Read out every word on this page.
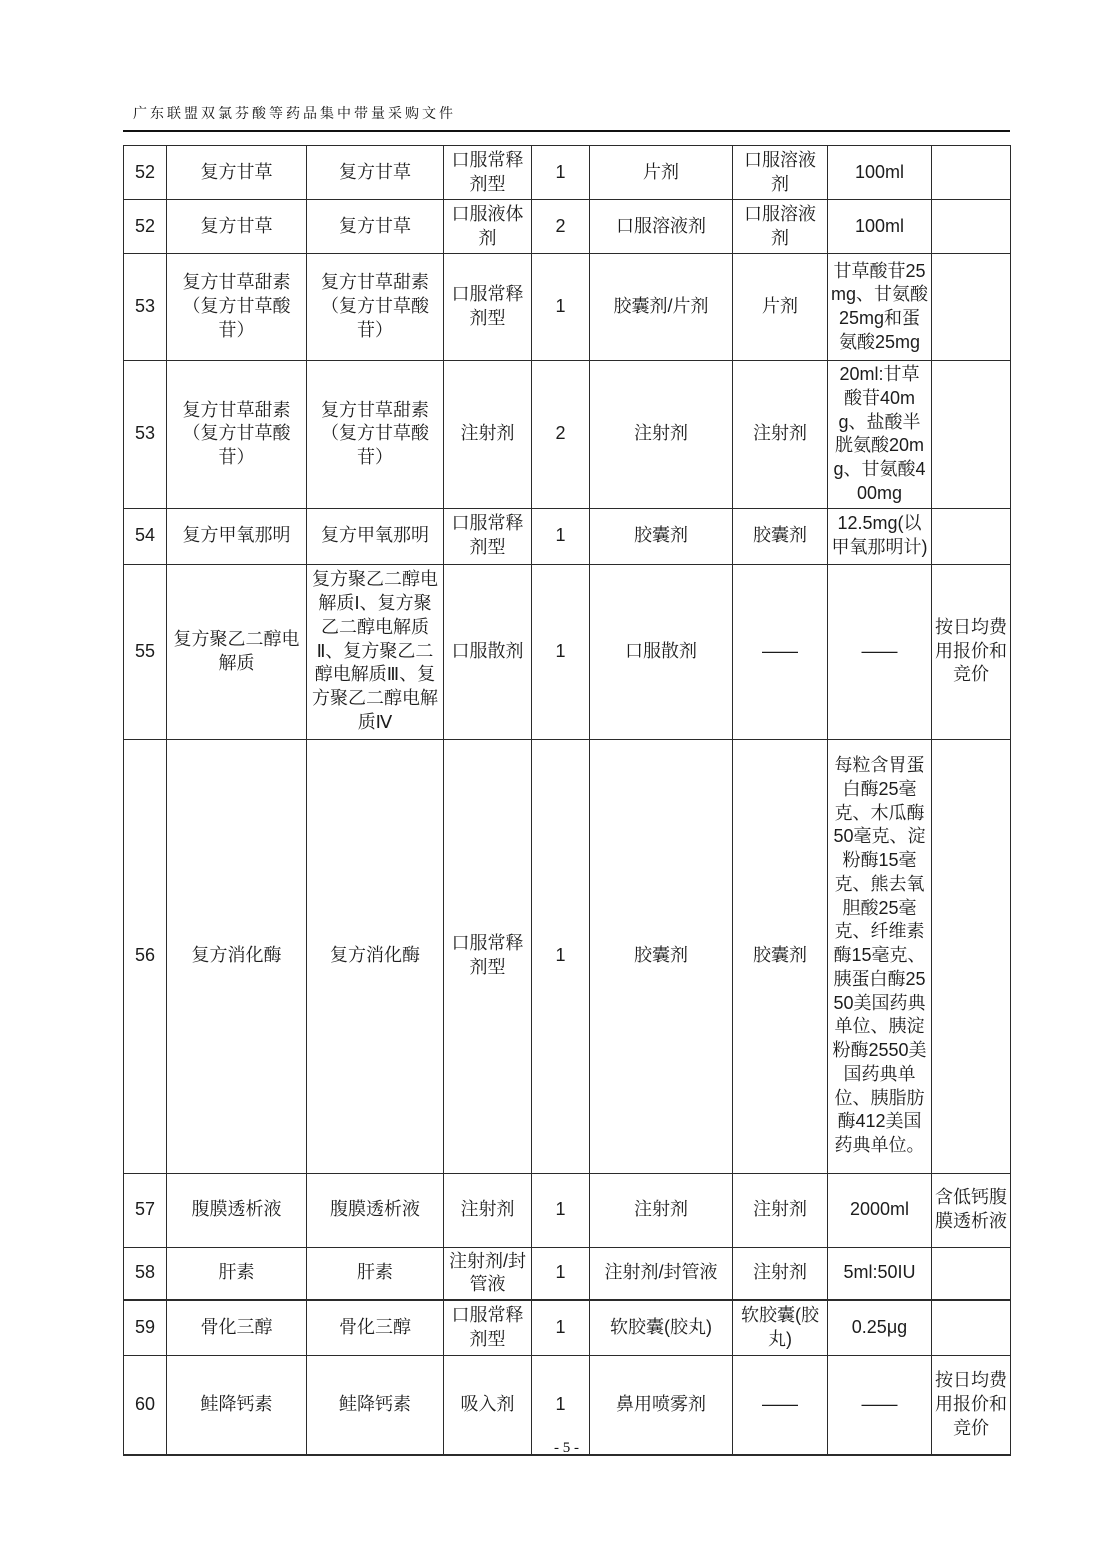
广东联盟双氯芬酸等药品集中带量采购文件
52	复方甘草	复方甘草	口服常释剂型	1	片剂	口服溶液剂	100ml	
52	复方甘草	复方甘草	口服液体剂	2	口服溶液剂	口服溶液剂	100ml	
53	复方甘草甜素（复方甘草酸苷）	复方甘草甜素（复方甘草酸苷）	口服常释剂型	1	胶囊剂/片剂	片剂	甘草酸苷25mg、甘氨酸25mg和蛋氨酸25mg	
53	复方甘草甜素（复方甘草酸苷）	复方甘草甜素（复方甘草酸苷）	注射剂	2	注射剂	注射剂	20ml:甘草酸苷40mg、盐酸半胱氨酸20mg、甘氨酸400mg	
54	复方甲氧那明	复方甲氧那明	口服常释剂型	1	胶囊剂	胶囊剂	12.5mg(以甲氧那明计)	
55	复方聚乙二醇电解质	复方聚乙二醇电解质Ⅰ、复方聚乙二醇电解质Ⅱ、复方聚乙二醇电解质Ⅲ、复方聚乙二醇电解质Ⅳ	口服散剂	1	口服散剂	——	——	按日均费用报价和竞价
56	复方消化酶	复方消化酶	口服常释剂型	1	胶囊剂	胶囊剂	每粒含胃蛋白酶25毫克、木瓜酶50毫克、淀粉酶15毫克、熊去氧胆酸25毫克、纤维素酶15毫克、胰蛋白酶2550美国药典单位、胰淀粉酶2550美国药典单位、胰脂肪酶412美国药典单位。	
57	腹膜透析液	腹膜透析液	注射剂	1	注射剂	注射剂	2000ml	含低钙腹膜透析液
58	肝素	肝素	注射剂/封管液	1	注射剂/封管液	注射剂	5ml:50IU	
59	骨化三醇	骨化三醇	口服常释剂型	1	软胶囊(胶丸)	软胶囊(胶丸)	0.25μg	
60	鲑降钙素	鲑降钙素	吸入剂	1	鼻用喷雾剂	——	——	按日均费用报价和竞价
- 5 -
